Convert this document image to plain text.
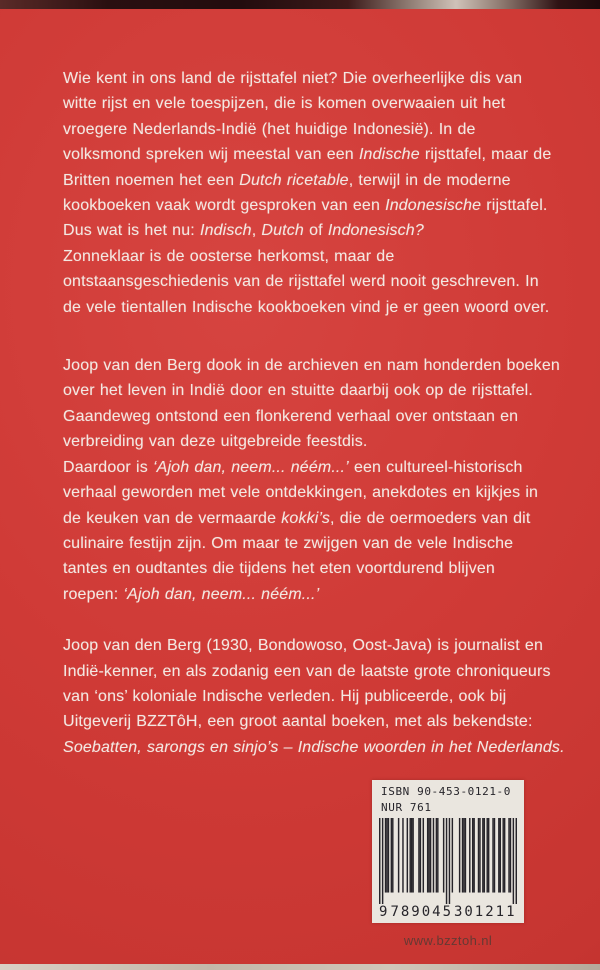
Wie kent in ons land de rijsttafel niet? Die overheerlijke dis van
witte rijst en vele toespijzen, die is komen overwaaien uit het
vroegere Nederlands-Indië (het huidige Indonesië). In de
volksmond spreken wij meestal van een Indische rijsttafel, maar de
Britten noemen het een Dutch ricetable, terwijl in de moderne
kookboeken vaak wordt gesproken van een Indonesische rijsttafel.
Dus wat is het nu: Indisch, Dutch of Indonesisch?
Zonneklaar is de oosterse herkomst, maar de
ontstaansgeschiedenis van de rijsttafel werd nooit geschreven. In
de vele tientallen Indische kookboeken vind je er geen woord over.
Joop van den Berg dook in de archieven en nam honderden boeken
over het leven in Indië door en stuitte daarbij ook op de rijsttafel.
Gaandeweg ontstond een flonkerend verhaal over ontstaan en
verbreiding van deze uitgebreide feestdis.
Daardoor is ‘Ajoh dan, neem... néém...’ een cultureel-historisch
verhaal geworden met vele ontdekkingen, anekdotes en kijkjes in
de keuken van de vermaarde kokki’s, die de oermoeders van dit
culinaire festijn zijn. Om maar te zwijgen van de vele Indische
tantes en oudtantes die tijdens het eten voortdurend blijven
roepen: ‘Ajoh dan, neem... néém...’
Joop van den Berg (1930, Bondowoso, Oost-Java) is journalist en
Indië-kenner, en als zodanig een van de laatste grote chroniqueurs
van ‘ons’ koloniale Indische verleden. Hij publiceerde, ook bij
Uitgeverij BZZTôH, een groot aantal boeken, met als bekendste:
Soebatten, sarongs en sinjo’s – Indische woorden in het Nederlands.
ISBN 90-453-0121-0
NUR 761
9 789045 301211
www.bzztoh.nl
